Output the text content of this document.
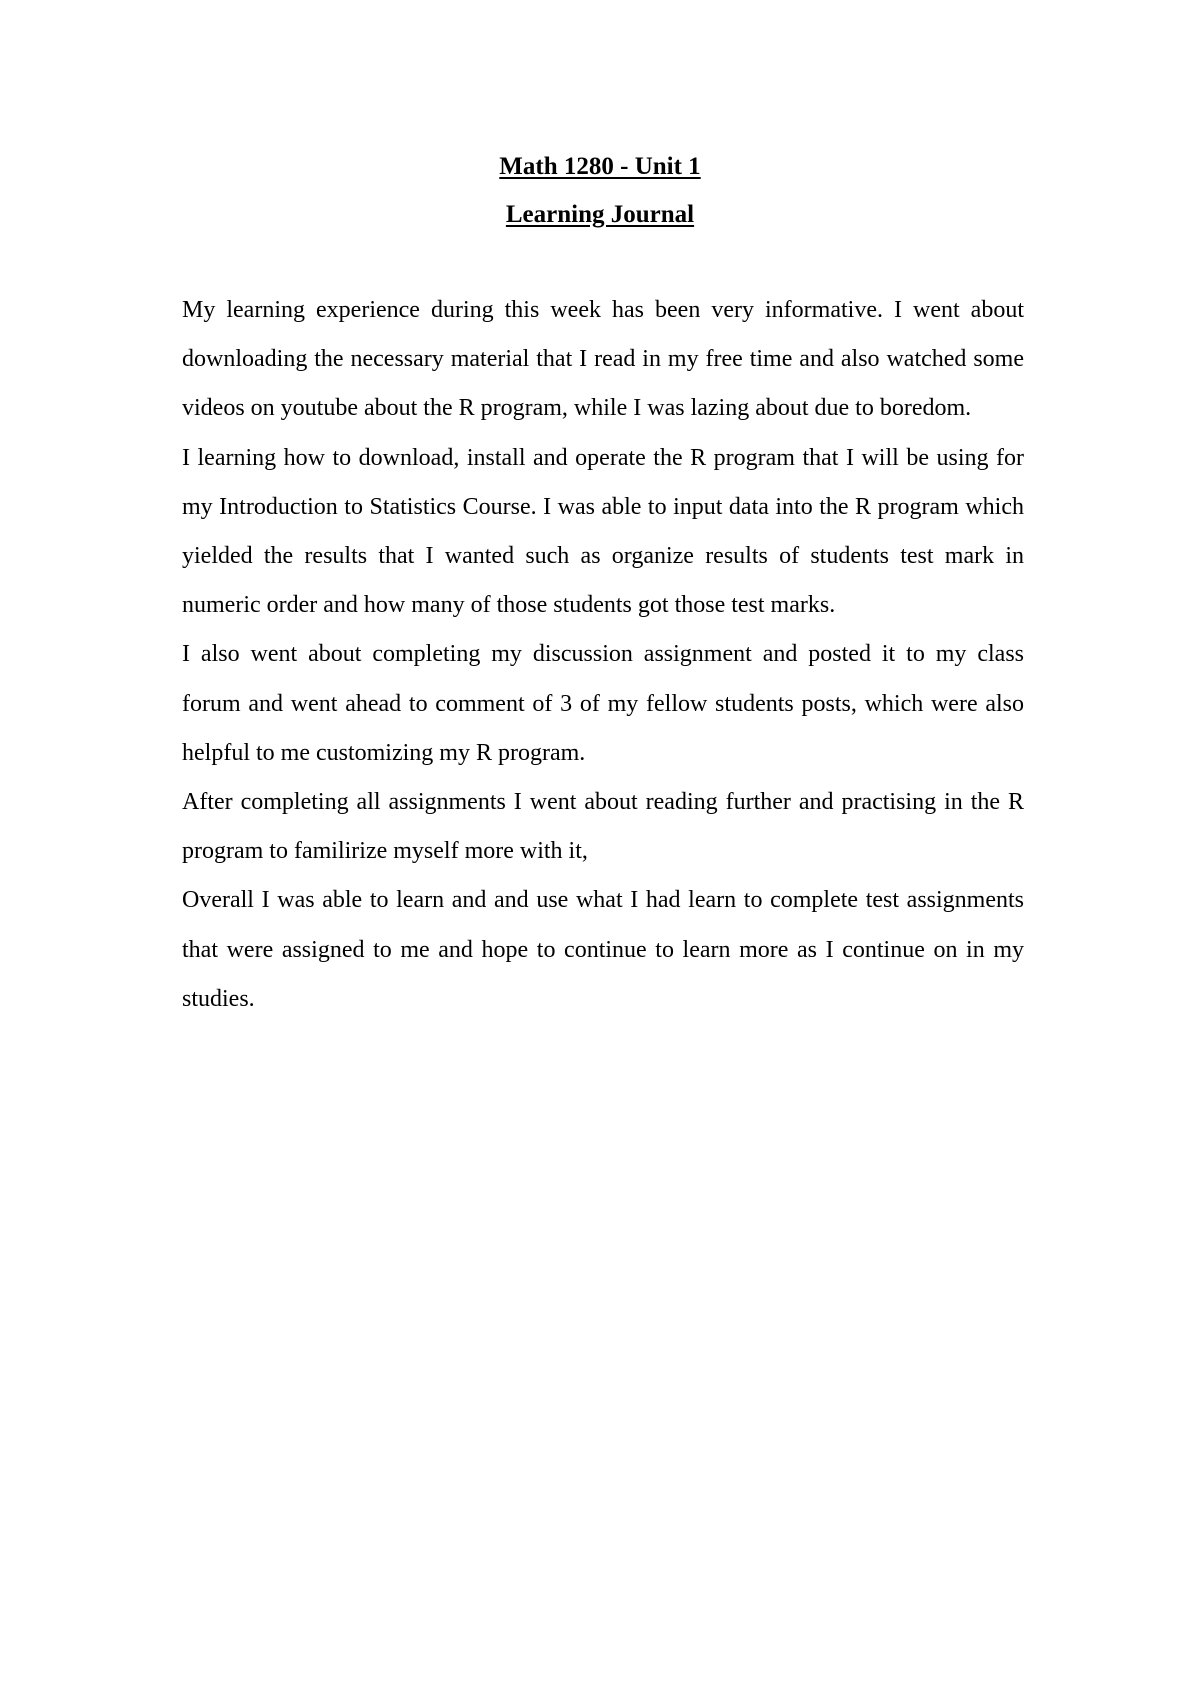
Math 1280 - Unit 1

Learning Journal

My learning experience during this week has been very informative. I went about downloading the necessary material that I read in my free time and also watched some videos on youtube about the R program, while I was lazing about due to boredom.

I learning how to download, install and operate the R program that I will be using for my Introduction to Statistics Course. I was able to input data into the R program which yielded the results that I wanted such as organize results of students test mark in numeric order and how many of those students got those test marks.

I also went about completing my discussion assignment and posted it to my class forum and went ahead to comment of 3 of my fellow students posts, which were also helpful to me customizing my R program.

After completing all assignments I went about reading further and practising in the R program to familirize myself more with it,

Overall I was able to learn and and use what I had learn to complete test assignments that were assigned to me and hope to continue to learn more as I continue on in my studies.
